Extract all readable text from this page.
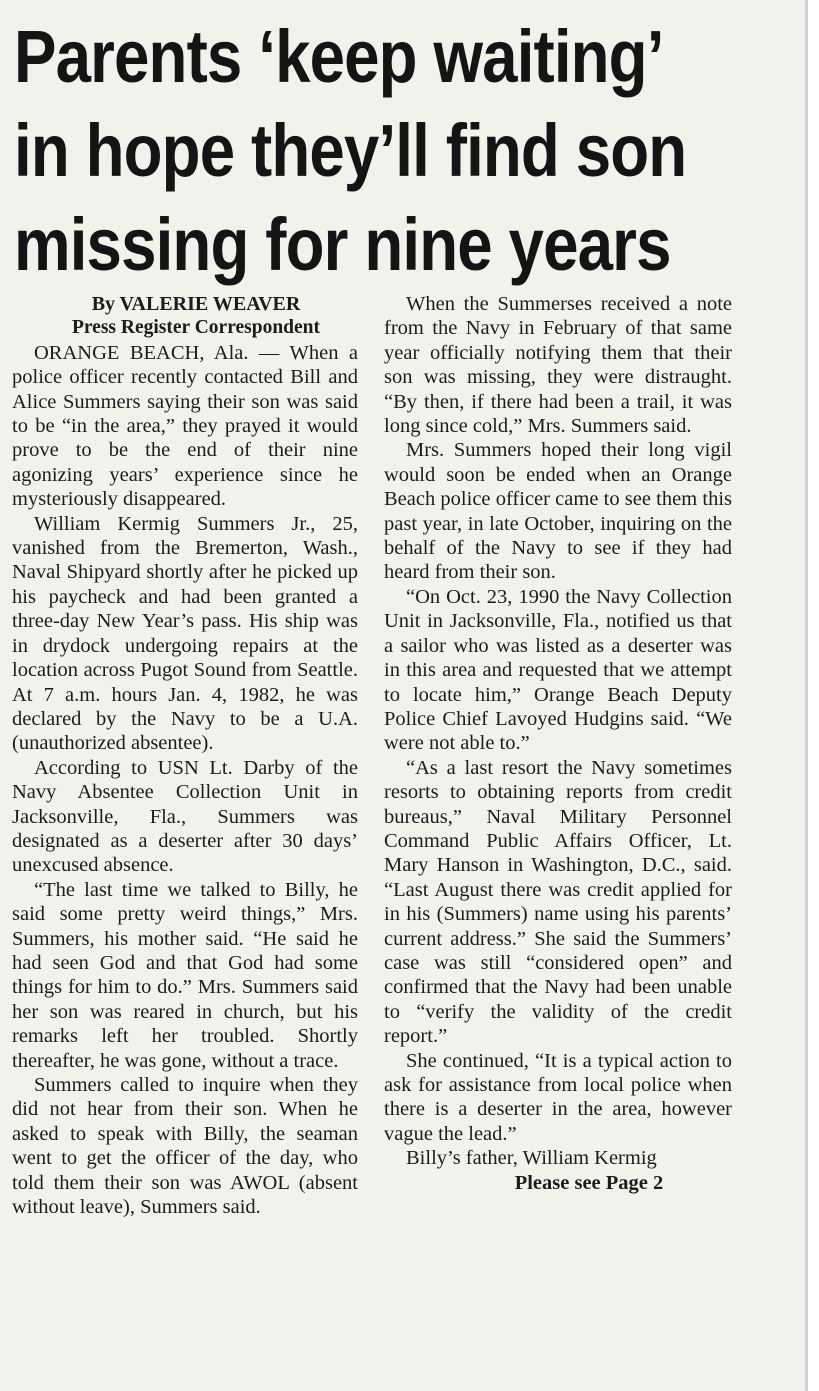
Parents ‘keep waiting’
in hope they’ll find son
missing for nine years

By VALERIE WEAVER

Press Register Correspondent

ORANGE BEACH, Ala. — When a police officer recently contacted Bill and Alice Summers saying their son was said to be “in the area,” they prayed it would prove to be the end of their nine agonizing years’ experience since he mysteriously disappeared.

William Kermig Summers Jr., 25, vanished from the Bremerton, Wash., Naval Shipyard shortly after he picked up his paycheck and had been granted a three-day New Year’s pass. His ship was in drydock undergoing repairs at the location across Pugot Sound from Seattle. At 7 a.m. hours Jan. 4, 1982, he was declared by the Navy to be a U.A. (unauthorized absentee).

According to USN Lt. Darby of the Navy Absentee Collection Unit in Jacksonville, Fla., Summers was designated as a deserter after 30 days’ unexcused absence.

“The last time we talked to Billy, he said some pretty weird things,” Mrs. Summers, his mother said. “He said he had seen God and that God had some things for him to do.” Mrs. Summers said her son was reared in church, but his remarks left her troubled. Shortly thereafter, he was gone, without a trace.

Summers called to inquire when they did not hear from their son. When he asked to speak with Billy, the seaman went to get the officer of the day, who told them their son was AWOL (absent without leave), Summers said.

When the Summerses received a note from the Navy in February of that same year officially notifying them that their son was missing, they were distraught. “By then, if there had been a trail, it was long since cold,” Mrs. Summers said.

Mrs. Summers hoped their long vigil would soon be ended when an Orange Beach police officer came to see them this past year, in late October, inquiring on the behalf of the Navy to see if they had heard from their son.

“On Oct. 23, 1990 the Navy Collection Unit in Jacksonville, Fla., notified us that a sailor who was listed as a deserter was in this area and requested that we attempt to locate him,” Orange Beach Deputy Police Chief Lavoyed Hudgins said. “We were not able to.”

“As a last resort the Navy sometimes resorts to obtaining reports from credit bureaus,” Naval Military Personnel Command Public Affairs Officer, Lt. Mary Hanson in Washington, D.C., said. “Last August there was credit applied for in his (Summers) name using his parents’ current address.” She said the Summers’ case was still “considered open” and confirmed that the Navy had been unable to “verify the validity of the credit report.”

She continued, “It is a typical action to ask for assistance from local police when there is a deserter in the area, however vague the lead.”

Billy’s father, William Kermig

Please see Page 2
